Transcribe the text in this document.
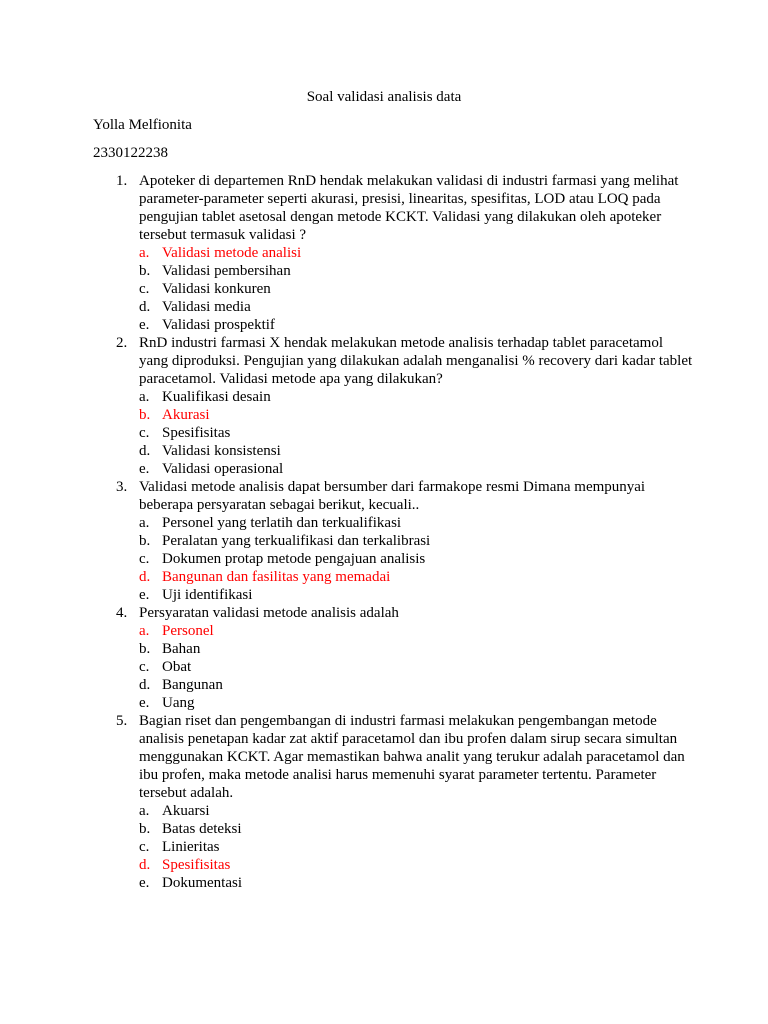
Soal validasi analisis data
Yolla Melfionita
2330122238
1. Apoteker di departemen RnD hendak melakukan validasi di industri farmasi yang melihat parameter-parameter seperti akurasi, presisi, linearitas, spesifitas, LOD atau LOQ pada pengujian tablet asetosal dengan metode KCKT. Validasi yang dilakukan oleh apoteker tersebut termasuk validasi ?
a. Validasi metode analisi
b. Validasi pembersihan
c. Validasi konkuren
d. Validasi media
e. Validasi prospektif
2. RnD industri farmasi X hendak melakukan metode analisis terhadap tablet paracetamol yang diproduksi. Pengujian yang dilakukan adalah menganalisi % recovery dari kadar tablet paracetamol. Validasi metode apa yang dilakukan?
a. Kualifikasi desain
b. Akurasi
c. Spesifisitas
d. Validasi konsistensi
e. Validasi operasional
3. Validasi metode analisis dapat bersumber dari farmakope resmi Dimana mempunyai beberapa persyaratan sebagai berikut, kecuali..
a. Personel yang terlatih dan terkualifikasi
b. Peralatan yang terkualifikasi dan terkalibrasi
c. Dokumen protap metode pengajuan analisis
d. Bangunan dan fasilitas yang memadai
e. Uji identifikasi
4. Persyaratan validasi metode analisis adalah
a. Personel
b. Bahan
c. Obat
d. Bangunan
e. Uang
5. Bagian riset dan pengembangan di industri farmasi melakukan pengembangan metode analisis penetapan kadar zat aktif paracetamol dan ibu profen dalam sirup secara simultan menggunakan KCKT. Agar memastikan bahwa analit yang terukur adalah paracetamol dan ibu profen, maka metode analisi harus memenuhi syarat parameter tertentu. Parameter tersebut adalah.
a. Akuarsi
b. Batas deteksi
c. Linieritas
d. Spesifisitas
e. Dokumentasi
